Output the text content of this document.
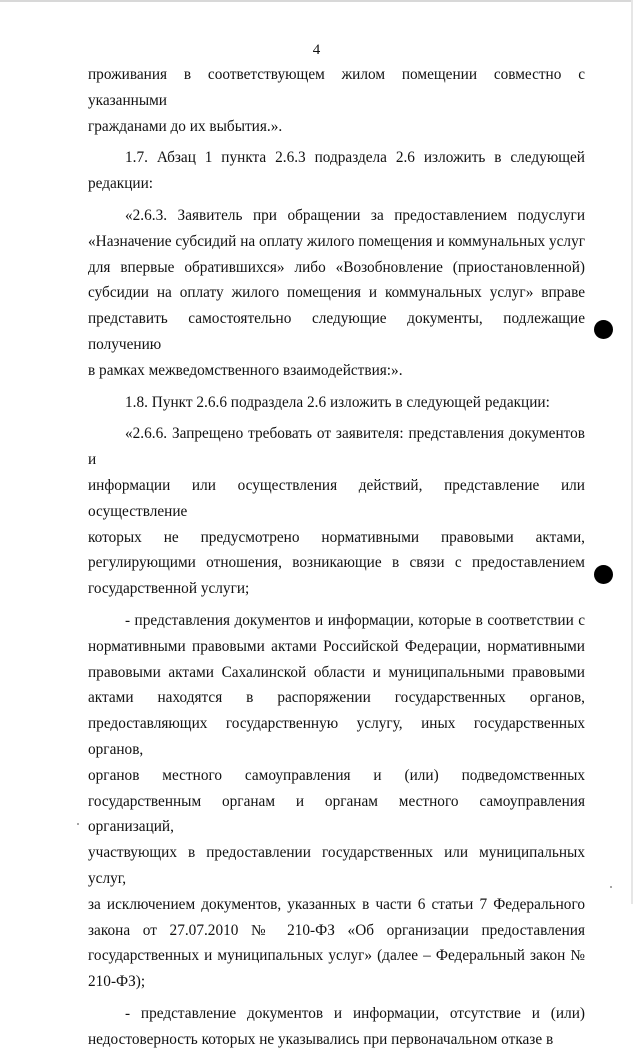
4

проживания в соответствующем жилом помещении совместно с указанными
гражданами до их выбытия.».

1.7. Абзац 1 пункта 2.6.3 подраздела 2.6 изложить в следующей
редакции:

«2.6.3. Заявитель при обращении за предоставлением подуслуги
«Назначение субсидий на оплату жилого помещения и коммунальных услуг
для впервые обратившихся» либо «Возобновление (приостановленной)
субсидии на оплату жилого помещения и коммунальных услуг» вправе
представить самостоятельно следующие документы, подлежащие получению
в рамках межведомственного взаимодействия:».

1.8. Пункт 2.6.6 подраздела 2.6 изложить в следующей редакции:

«2.6.6. Запрещено требовать от заявителя: представления документов и
информации или осуществления действий, представление или осуществление
которых не предусмотрено нормативными правовыми актами,
регулирующими отношения, возникающие в связи с предоставлением
государственной услуги;

- представления документов и информации, которые в соответствии с
нормативными правовыми актами Российской Федерации, нормативными
правовыми актами Сахалинской области и муниципальными правовыми
актами находятся в распоряжении государственных органов,
предоставляющих государственную услугу, иных государственных органов,
органов местного самоуправления и (или) подведомственных
государственным органам и органам местного самоуправления организаций,
участвующих в предоставлении государственных или муниципальных услуг,
за исключением документов, указанных в части 6 статьи 7 Федерального
закона от 27.07.2010 № 210-ФЗ «Об организации предоставления
государственных и муниципальных услуг» (далее – Федеральный закон №
210-ФЗ);

- представление документов и информации, отсутствие и (или)
недостоверность которых не указывались при первоначальном отказе в
